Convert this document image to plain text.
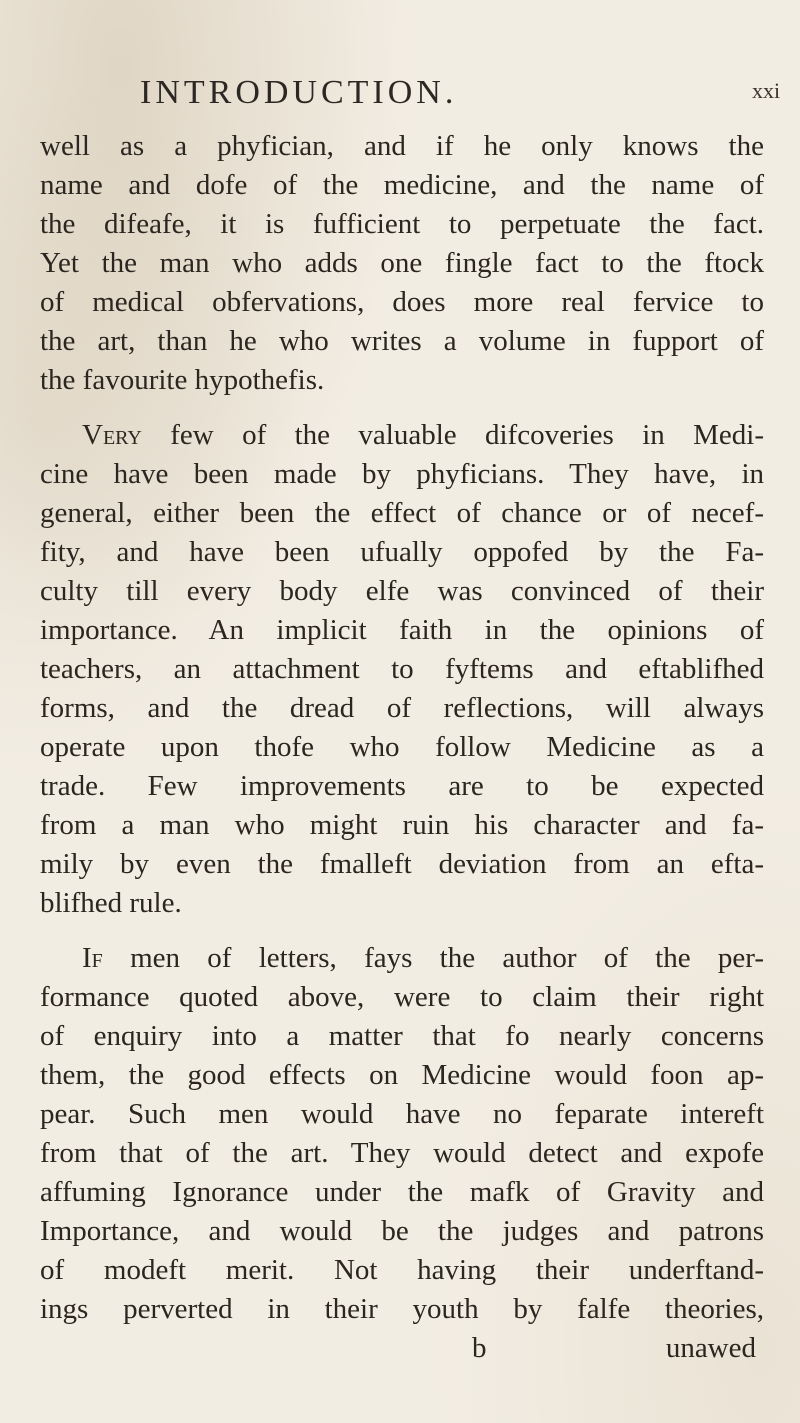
INTRODUCTION.	xxi
well as a phyfician, and if he only knows the
name and dofe of the medicine, and the name of
the difeafe, it is fufficient to perpetuate the fact.
Yet the man who adds one fingle fact to the ftock
of medical obfervations, does more real fervice to
the art, than he who writes a volume in fupport of
the favourite hypothefis.
Very few of the valuable difcoveries in Medi-
cine have been made by phyficians. They have, in
general, either been the effect of chance or of necef-
fity, and have been ufually oppofed by the Fa-
culty till every body elfe was convinced of their
importance. An implicit faith in the opinions of
teachers, an attachment to fyftems and eftablifhed
forms, and the dread of reflections, will always
operate upon thofe who follow Medicine as a
trade. Few improvements are to be expected
from a man who might ruin his character and fa-
mily by even the fmalleft deviation from an efta-
blifhed rule.
If men of letters, fays the author of the per-
formance quoted above, were to claim their right
of enquiry into a matter that fo nearly concerns
them, the good effects on Medicine would foon ap-
pear. Such men would have no feparate intereft
from that of the art. They would detect and expofe
affuming Ignorance under the mafk of Gravity and
Importance, and would be the judges and patrons
of modeft merit. Not having their underftand-
ings perverted in their youth by falfe theories,
b	unawed
